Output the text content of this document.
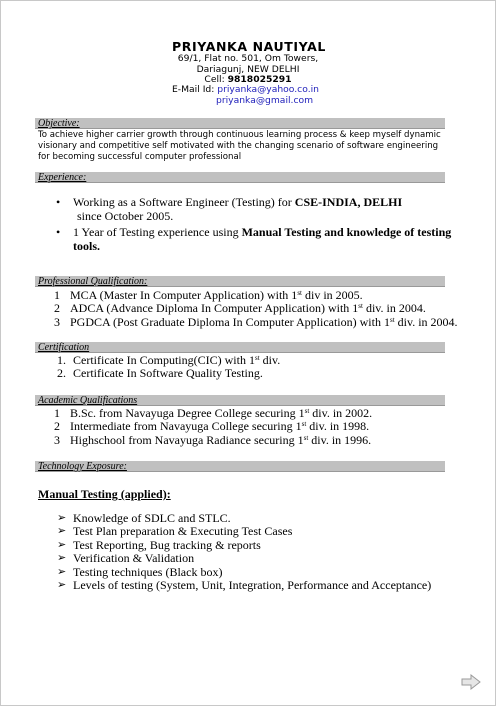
PRIYANKA NAUTIYAL
69/1, Flat no. 501, Om Towers,
Dariagunj, NEW DELHI
Cell: 9818025291
E-Mail Id: priyanka@yahoo.co.in
priyanka@gmail.com
Objective:
To achieve higher carrier growth through continuous learning process & keep myself dynamic
visionary and competitive self motivated with the changing scenario of software engineering
for becoming successful computer professional
Experience:
• Working as a Software Engineer (Testing) for CSE-INDIA, DELHI
since October 2005.
• 1 Year of Testing experience using Manual Testing and knowledge of testing tools.
Professional Qualification:
1 MCA (Master In Computer Application) with 1st div in 2005.
2 ADCA (Advance Diploma In Computer Application) with 1st div. in 2004.
3 PGDCA (Post Graduate Diploma In Computer Application) with 1st div. in 2004.
Certification
1. Certificate In Computing(CIC) with 1st div.
2. Certificate In Software Quality Testing.
Academic Qualifications
1 B.Sc. from Navayuga Degree College securing 1st div. in 2002.
2 Intermediate from Navayuga College securing 1st div. in 1998.
3 Highschool from Navayuga Radiance securing 1st div. in 1996.
Technology Exposure:
Manual Testing (applied):
➢ Knowledge of SDLC and STLC.
➢ Test Plan preparation & Executing Test Cases
➢ Test Reporting, Bug tracking & reports
➢ Verification & Validation
➢ Testing techniques (Black box)
➢ Levels of testing (System, Unit, Integration, Performance and Acceptance)
